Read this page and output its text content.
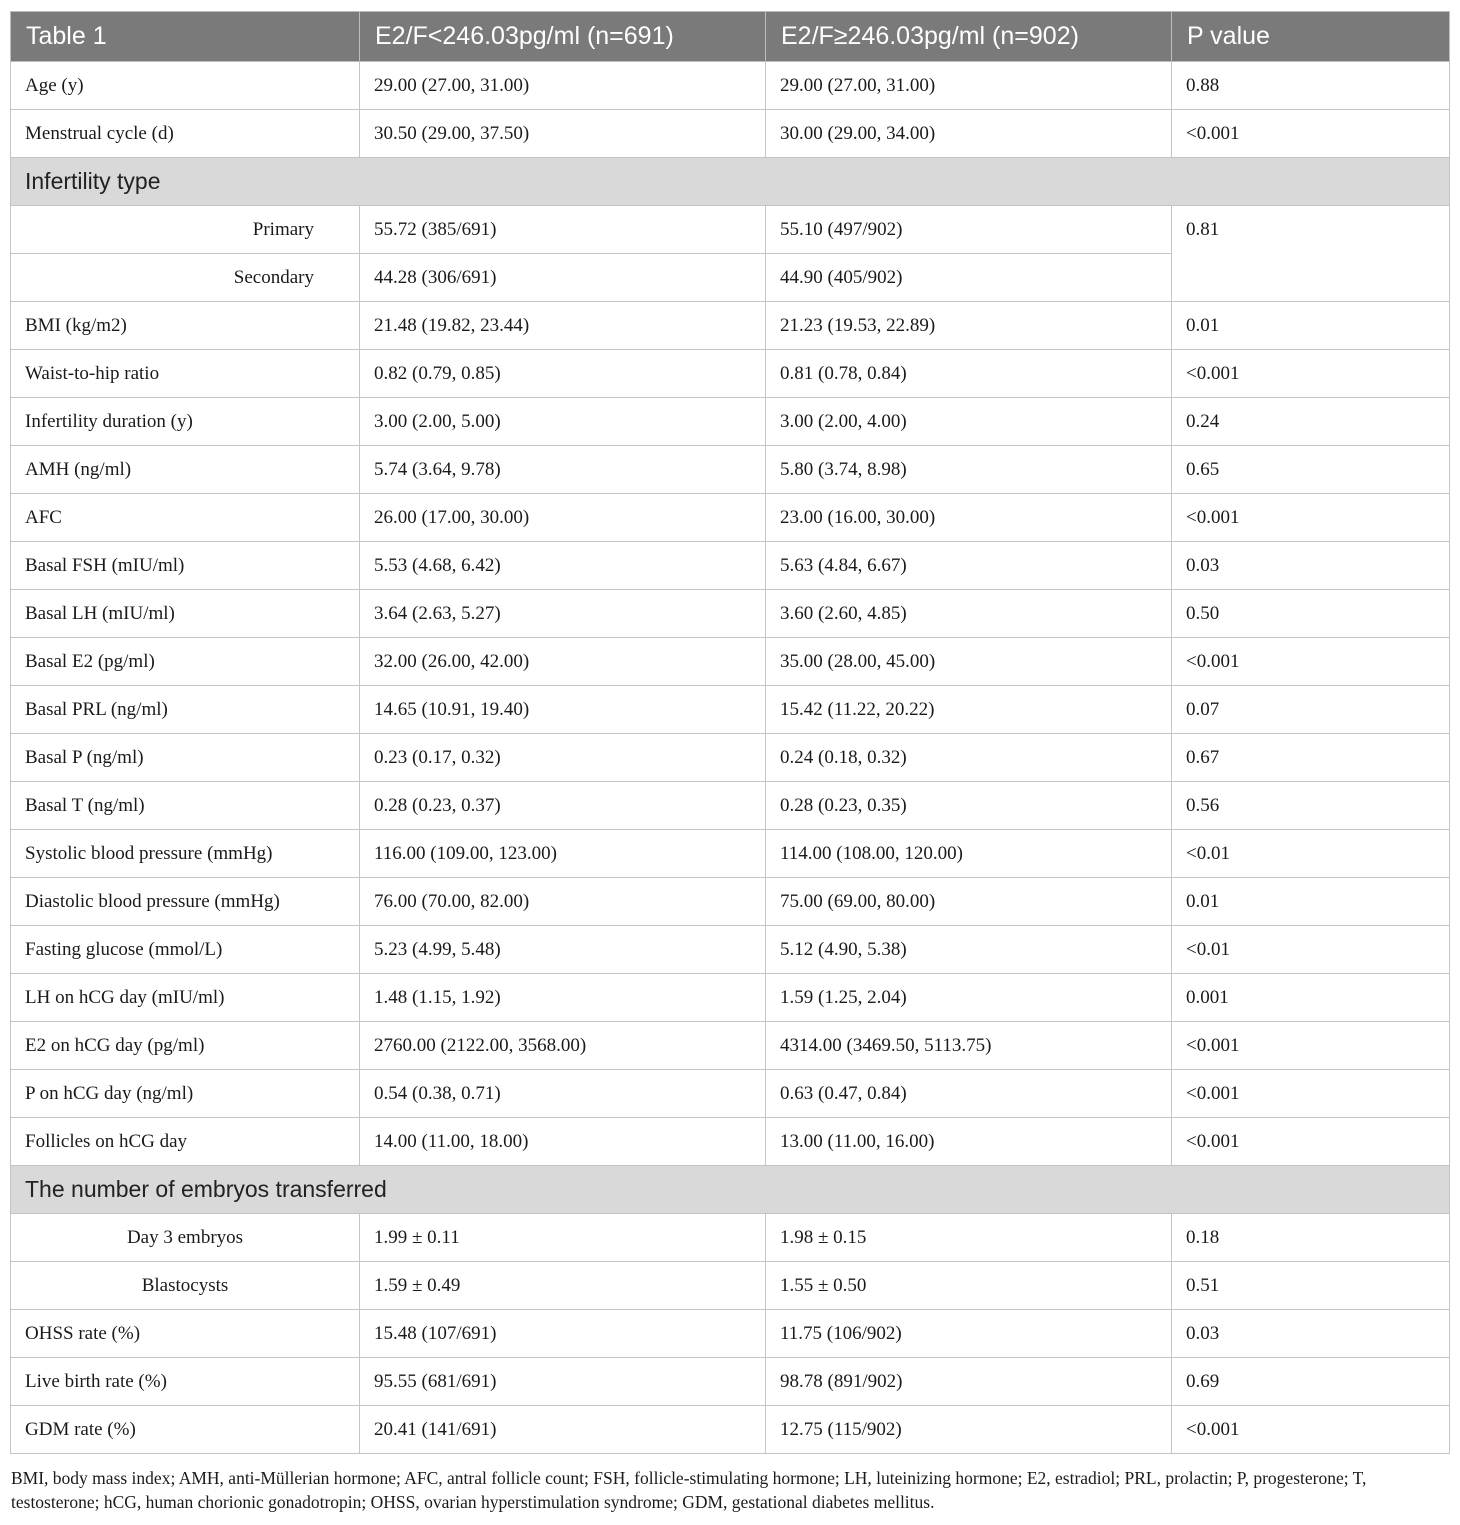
Table 1	E2/F<246.03pg/ml (n=691)	E2/F≥246.03pg/ml (n=902)	P value
Age (y)	29.00 (27.00, 31.00)	29.00 (27.00, 31.00)	0.88
Menstrual cycle (d)	30.50 (29.00, 37.50)	30.00 (29.00, 34.00)	<0.001
Infertility type			
Primary	55.72 (385/691)	55.10 (497/902)	0.81
Secondary	44.28 (306/691)	44.90 (405/902)	
BMI (kg/m2)	21.48 (19.82, 23.44)	21.23 (19.53, 22.89)	0.01
Waist-to-hip ratio	0.82 (0.79, 0.85)	0.81 (0.78, 0.84)	<0.001
Infertility duration (y)	3.00 (2.00, 5.00)	3.00 (2.00, 4.00)	0.24
AMH (ng/ml)	5.74 (3.64, 9.78)	5.80 (3.74, 8.98)	0.65
AFC	26.00 (17.00, 30.00)	23.00 (16.00, 30.00)	<0.001
Basal FSH (mIU/ml)	5.53 (4.68, 6.42)	5.63 (4.84, 6.67)	0.03
Basal LH (mIU/ml)	3.64 (2.63, 5.27)	3.60 (2.60, 4.85)	0.50
Basal E2 (pg/ml)	32.00 (26.00, 42.00)	35.00 (28.00, 45.00)	<0.001
Basal PRL (ng/ml)	14.65 (10.91, 19.40)	15.42 (11.22, 20.22)	0.07
Basal P (ng/ml)	0.23 (0.17, 0.32)	0.24 (0.18, 0.32)	0.67
Basal T (ng/ml)	0.28 (0.23, 0.37)	0.28 (0.23, 0.35)	0.56
Systolic blood pressure (mmHg)	116.00 (109.00, 123.00)	114.00 (108.00, 120.00)	<0.01
Diastolic blood pressure (mmHg)	76.00 (70.00, 82.00)	75.00 (69.00, 80.00)	0.01
Fasting glucose (mmol/L)	5.23 (4.99, 5.48)	5.12 (4.90, 5.38)	<0.01
LH on hCG day (mIU/ml)	1.48 (1.15, 1.92)	1.59 (1.25, 2.04)	0.001
E2 on hCG day (pg/ml)	2760.00 (2122.00, 3568.00)	4314.00 (3469.50, 5113.75)	<0.001
P on hCG day (ng/ml)	0.54 (0.38, 0.71)	0.63 (0.47, 0.84)	<0.001
Follicles on hCG day	14.00 (11.00, 18.00)	13.00 (11.00, 16.00)	<0.001
The number of embryos transferred			
Day 3 embryos	1.99 ± 0.11	1.98 ± 0.15	0.18
Blastocysts	1.59 ± 0.49	1.55 ± 0.50	0.51
OHSS rate (%)	15.48 (107/691)	11.75 (106/902)	0.03
Live birth rate (%)	95.55 (681/691)	98.78 (891/902)	0.69
GDM rate (%)	20.41 (141/691)	12.75 (115/902)	<0.001

BMI, body mass index; AMH, anti-Müllerian hormone; AFC, antral follicle count; FSH, follicle-stimulating hormone; LH, luteinizing hormone; E2, estradiol; PRL, prolactin; P, progesterone; T, testosterone; hCG, human chorionic gonadotropin; OHSS, ovarian hyperstimulation syndrome; GDM, gestational diabetes mellitus.
